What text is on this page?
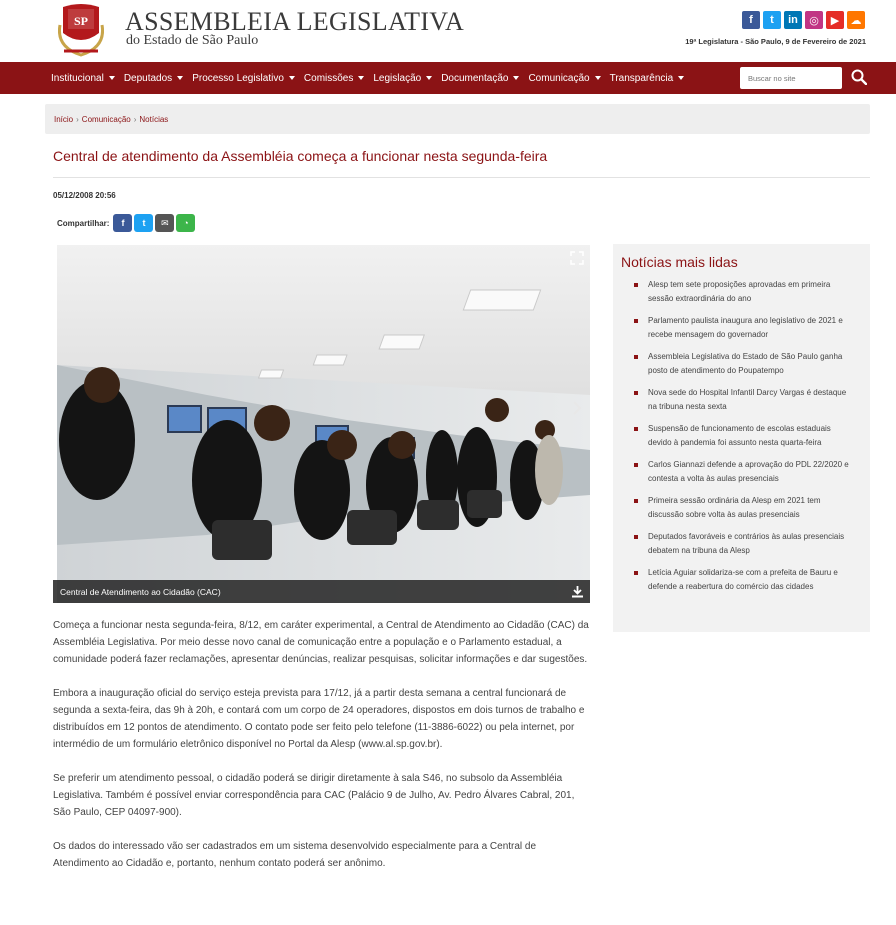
SP ASSEMBLEIA LEGISLATIVA
do Estado de São Paulo
f	t	in	◎	▶	☁
19ª Legislatura - São Paulo, 9 de Fevereiro de 2021
Institucional Deputados Processo Legislativo Comissões Legislação Documentação Comunicação Transparência
Buscar no site
Início › Comunicação › Notícias
Central de atendimento da Assembléia começa a funcionar nesta segunda-feira
05/12/2008 20:56
Compartilhar:	f	t	✉	◔
Central de Atendimento ao Cidadão (CAC)

Começa a funcionar nesta segunda-feira, 8/12, em caráter experimental, a Central de Atendimento ao Cidadão (CAC) da Assembléia Legislativa. Por meio desse novo canal de comunicação entre a população e o Parlamento estadual, a comunidade poderá fazer reclamações, apresentar denúncias, realizar pesquisas, solicitar informações e dar sugestões.

Embora a inauguração oficial do serviço esteja prevista para 17/12, já a partir desta semana a central funcionará de segunda a sexta-feira, das 9h à 20h, e contará com um corpo de 24 operadores, dispostos em dois turnos de trabalho e distribuídos em 12 pontos de atendimento. O contato pode ser feito pelo telefone (11-3886-6022) ou pela internet, por intermédio de um formulário eletrônico disponível no Portal da Alesp (www.al.sp.gov.br).

Se preferir um atendimento pessoal, o cidadão poderá se dirigir diretamente à sala S46, no subsolo da Assembléia Legislativa. Também é possível enviar correspondência para CAC (Palácio 9 de Julho, Av. Pedro Álvares Cabral, 201, São Paulo, CEP 04097-900).

Os dados do interessado vão ser cadastrados em um sistema desenvolvido especialmente para a Central de Atendimento ao Cidadão e, portanto, nenhum contato poderá ser anônimo.

Notícias mais lidas
Alesp tem sete proposições aprovadas em primeira sessão extraordinária do ano
Parlamento paulista inaugura ano legislativo de 2021 e recebe mensagem do governador
Assembleia Legislativa do Estado de São Paulo ganha posto de atendimento do Poupatempo
Nova sede do Hospital Infantil Darcy Vargas é destaque na tribuna nesta sexta
Suspensão de funcionamento de escolas estaduais devido à pandemia foi assunto nesta quarta-feira
Carlos Giannazi defende a aprovação do PDL 22/2020 e contesta a volta às aulas presenciais
Primeira sessão ordinária da Alesp em 2021 tem discussão sobre volta às aulas presenciais
Deputados favoráveis e contrários às aulas presenciais debatem na tribuna da Alesp
Letícia Aguiar solidariza-se com a prefeita de Bauru e defende a reabertura do comércio das cidades
